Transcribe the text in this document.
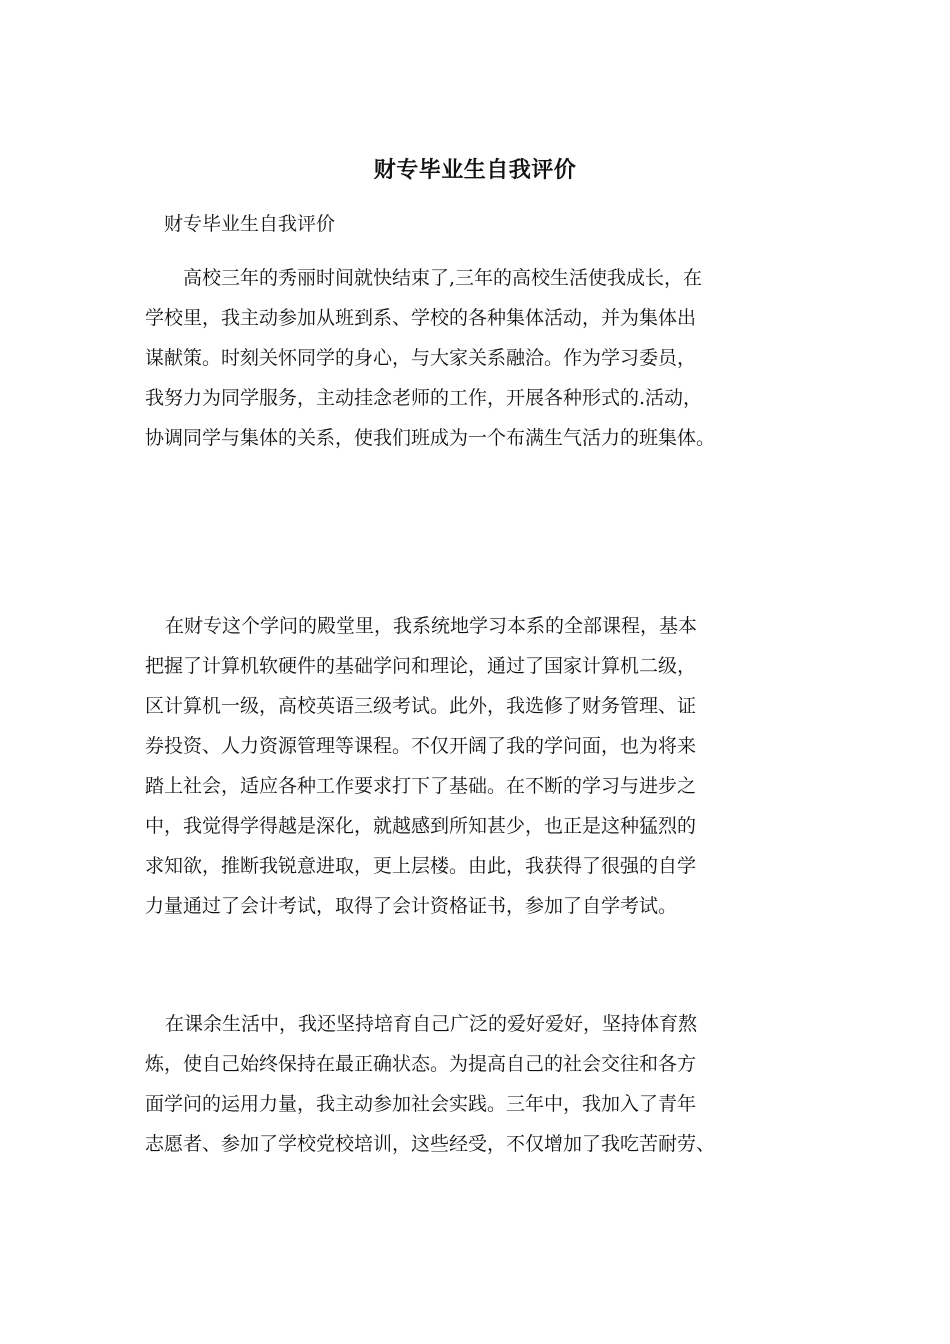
财专毕业生自我评价
财专毕业生自我评价
高校三年的秀丽时间就快结束了,三年的高校生活使我成长，在
学校里，我主动参加从班到系、学校的各种集体活动，并为集体出
谋献策。时刻关怀同学的身心，与大家关系融洽。作为学习委员，
我努力为同学服务，主动挂念老师的工作，开展各种形式的.活动，
协调同学与集体的关系，使我们班成为一个布满生气活力的班集体。
在财专这个学问的殿堂里，我系统地学习本系的全部课程，基本
把握了计算机软硬件的基础学问和理论，通过了国家计算机二级，
区计算机一级，高校英语三级考试。此外，我选修了财务管理、证
券投资、人力资源管理等课程。不仅开阔了我的学问面，也为将来
踏上社会，适应各种工作要求打下了基础。在不断的学习与进步之
中，我觉得学得越是深化，就越感到所知甚少，也正是这种猛烈的
求知欲，推断我锐意进取，更上层楼。由此，我获得了很强的自学
力量通过了会计考试，取得了会计资格证书，参加了自学考试。
在课余生活中，我还坚持培育自己广泛的爱好爱好，坚持体育熬
炼，使自己始终保持在最正确状态。为提高自己的社会交往和各方
面学问的运用力量，我主动参加社会实践。三年中，我加入了青年
志愿者、参加了学校党校培训，这些经受，不仅增加了我吃苦耐劳、
